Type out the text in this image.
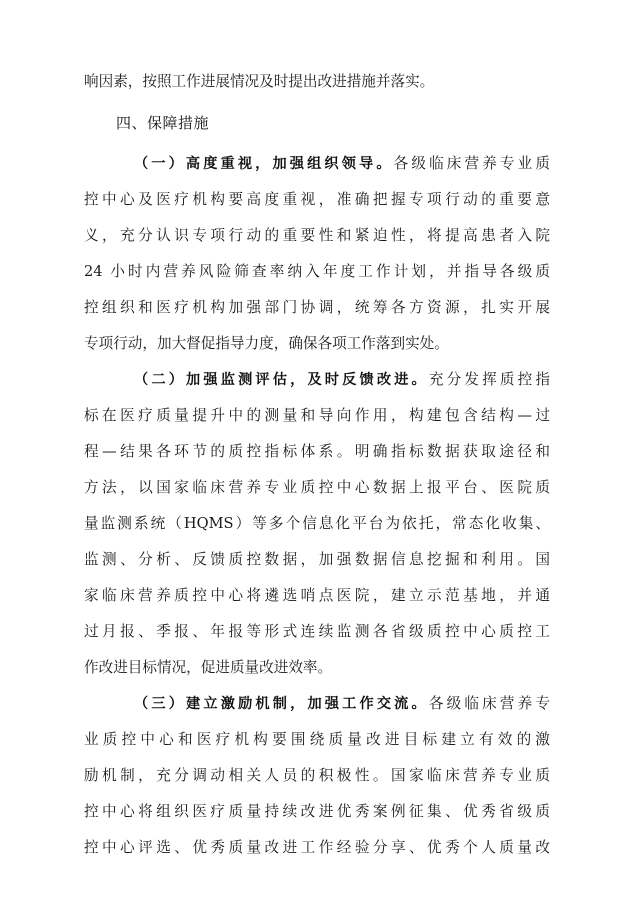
响因素，按照工作进展情况及时提出改进措施并落实。
四、保障措施
（一）高度重视，加强组织领导。各级临床营养专业质
控中心及医疗机构要高度重视，准确把握专项行动的重要意
义，充分认识专项行动的重要性和紧迫性，将提高患者入院
24 小时内营养风险筛查率纳入年度工作计划，并指导各级质
控组织和医疗机构加强部门协调，统筹各方资源，扎实开展
专项行动，加大督促指导力度，确保各项工作落到实处。
（二）加强监测评估，及时反馈改进。充分发挥质控指
标在医疗质量提升中的测量和导向作用，构建包含结构—过
程—结果各环节的质控指标体系。明确指标数据获取途径和
方法，以国家临床营养专业质控中心数据上报平台、医院质
量监测系统（HQMS）等多个信息化平台为依托，常态化收集、
监测、分析、反馈质控数据，加强数据信息挖掘和利用。国
家临床营养质控中心将遴选哨点医院，建立示范基地，并通
过月报、季报、年报等形式连续监测各省级质控中心质控工
作改进目标情况，促进质量改进效率。
（三）建立激励机制，加强工作交流。各级临床营养专
业质控中心和医疗机构要围绕质量改进目标建立有效的激
励机制，充分调动相关人员的积极性。国家临床营养专业质
控中心将组织医疗质量持续改进优秀案例征集、优秀省级质
控中心评选、优秀质量改进工作经验分享、优秀个人质量改
